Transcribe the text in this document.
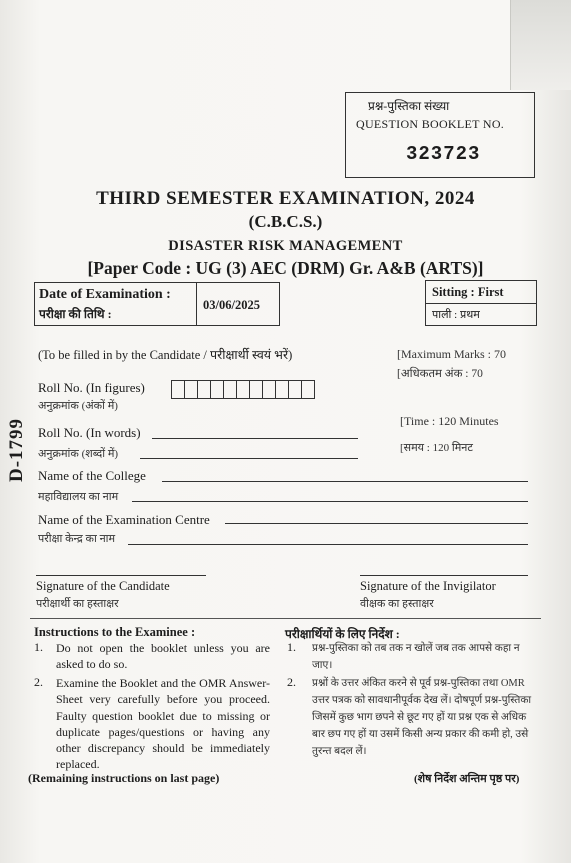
प्रश्न-पुस्तिका संख्या
QUESTION BOOKLET NO.
323723
THIRD SEMESTER EXAMINATION, 2024
(C.B.C.S.)
DISASTER RISK MANAGEMENT
[Paper Code : UG (3) AEC (DRM) Gr. A&B (ARTS)]
Date of Examination :
परीक्षा की तिथि :
03/06/2025
Sitting : First
पाली : प्रथम
(To be filled in by the Candidate / परीक्षार्थी स्वयं भरें)	[Maximum Marks : 70
[अधिकतम अंक : 70
Roll No. (In figures)
अनुक्रमांक (अंकों में)
Roll No. (In words)
अनुक्रमांक (शब्दों में)
[Time : 120 Minutes
[समय : 120 मिनट
Name of the College
महाविद्यालय का नाम
Name of the Examination Centre
परीक्षा केन्द्र का नाम
D-1799
Signature of the Candidate
परीक्षार्थी का हस्ताक्षर
Signature of the Invigilator
वीक्षक का हस्ताक्षर
Instructions to the Examinee :
1. Do not open the booklet unless you are asked to do so.
2. Examine the Booklet and the OMR Answer-Sheet very carefully before you proceed. Faulty question booklet due to missing or duplicate pages/questions or having any other discrepancy should be immediately replaced.
(Remaining instructions on last page)
परीक्षार्थियों के लिए निर्देश :
1. प्रश्न-पुस्तिका को तब तक न खोलें जब तक आपसे कहा न जाए।
2. प्रश्नों के उत्तर अंकित करने से पूर्व प्रश्न-पुस्तिका तथा OMR उत्तर पत्रक को सावधानीपूर्वक देख लें। दोषपूर्ण प्रश्न-पुस्तिका जिसमें कुछ भाग छपने से छूट गए हों या प्रश्न एक से अधिक बार छप गए हों या उसमें किसी अन्य प्रकार की कमी हो, उसे तुरन्त बदल लें।
(शेष निर्देश अन्तिम पृष्ठ पर)
